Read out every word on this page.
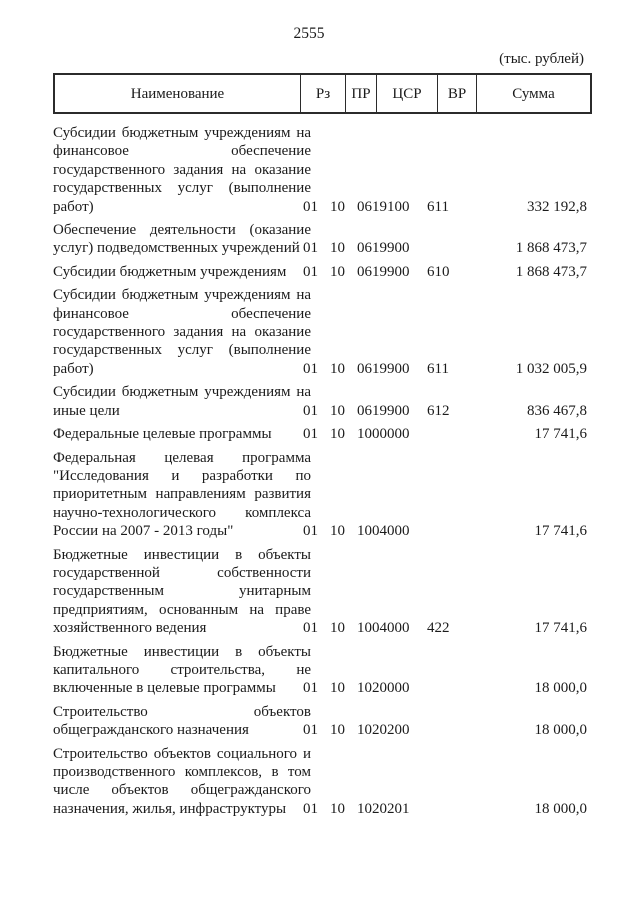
2555
(тыс. рублей)
Наименование	Рз	ПР	ЦСР	ВР	Сумма
Субсидии бюджетным учреждениям на финансовое обеспечение государственного задания на оказание государственных услуг (выполнение работ)	01 10 0619100 611	332 192,8
Обеспечение деятельности (оказание услуг) подведомственных учреждений 01 10 0619900	1 868 473,7
Субсидии бюджетным учреждениям	01 10 0619900 610	1 868 473,7
Субсидии бюджетным учреждениям на финансовое обеспечение государственного задания на оказание государственных услуг (выполнение работ)	01 10 0619900 611	1 032 005,9
Субсидии бюджетным учреждениям на иные цели	01 10 0619900 612	836 467,8
Федеральные целевые программы	01 10 1000000	17 741,6
Федеральная целевая программа "Исследования и разработки по приоритетным направлениям развития научно-технологического комплекса России на 2007 - 2013 годы"	01 10 1004000	17 741,6
Бюджетные инвестиции в объекты государственной собственности государственным унитарным предприятиям, основанным на праве хозяйственного ведения	01 10 1004000 422	17 741,6
Бюджетные инвестиции в объекты капитального строительства, не включенные в целевые программы	01 10 1020000	18 000,0
Строительство объектов общегражданского назначения	01 10 1020200	18 000,0
Строительство объектов социального и производственного комплексов, в том числе объектов общегражданского назначения, жилья, инфраструктуры	01 10 1020201	18 000,0
